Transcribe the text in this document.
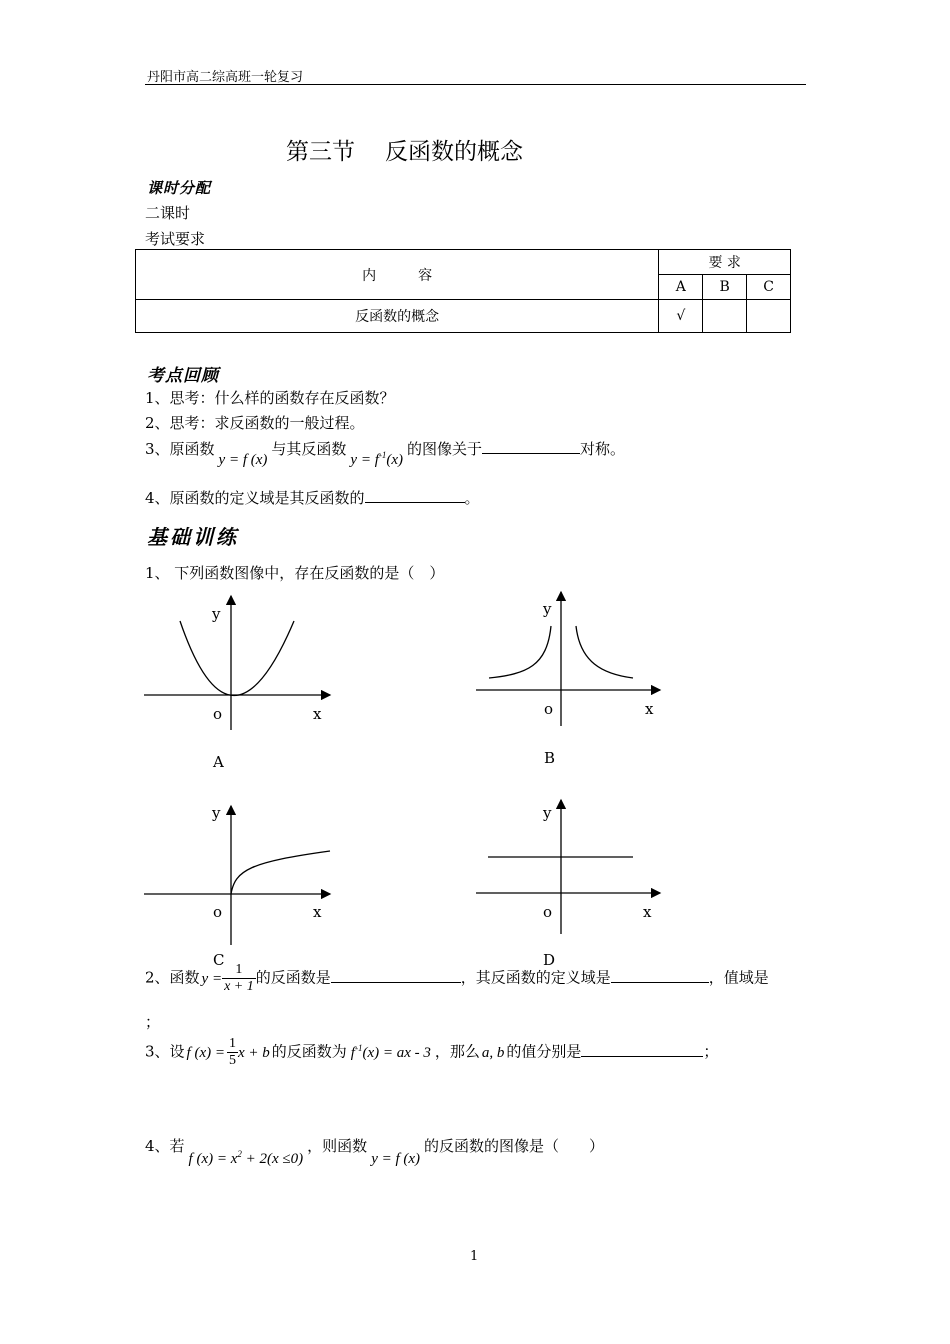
丹阳市高二综高班一轮复习
第三节 反函数的概念
课时分配
二课时
考试要求
内　　　容	要 求		
	A	B	C
反函数的概念	√		
考点回顾
1、思考：什么样的函数存在反函数？
2、思考：求反函数的一般过程。
3、原函数y = f (x)与其反函数$y = f^{-1}(x)$的图像关于	对称。
4、原函数的定义域是其反函数的	。
基础训练
1、 下列函数图像中，存在反函数的是（　）
y
o	x
A
y
o	x
B
y
o	x
C
y
o	x
D
2、函数 $y = \frac{1}{x + 1}$ 的反函数是	，其反函数的定义域是	，值域是
；
3、设 f $(x) = \frac{1}{5}$ x + b 的反函数为 $f^{-1}(x)$ = ax - 3 ，那么 a, b 的值分别是	；
4、若f $(x) = x^2 + 2(x \le 0)$，则函数y = f (x)的反函数的图像是（　　）
1
